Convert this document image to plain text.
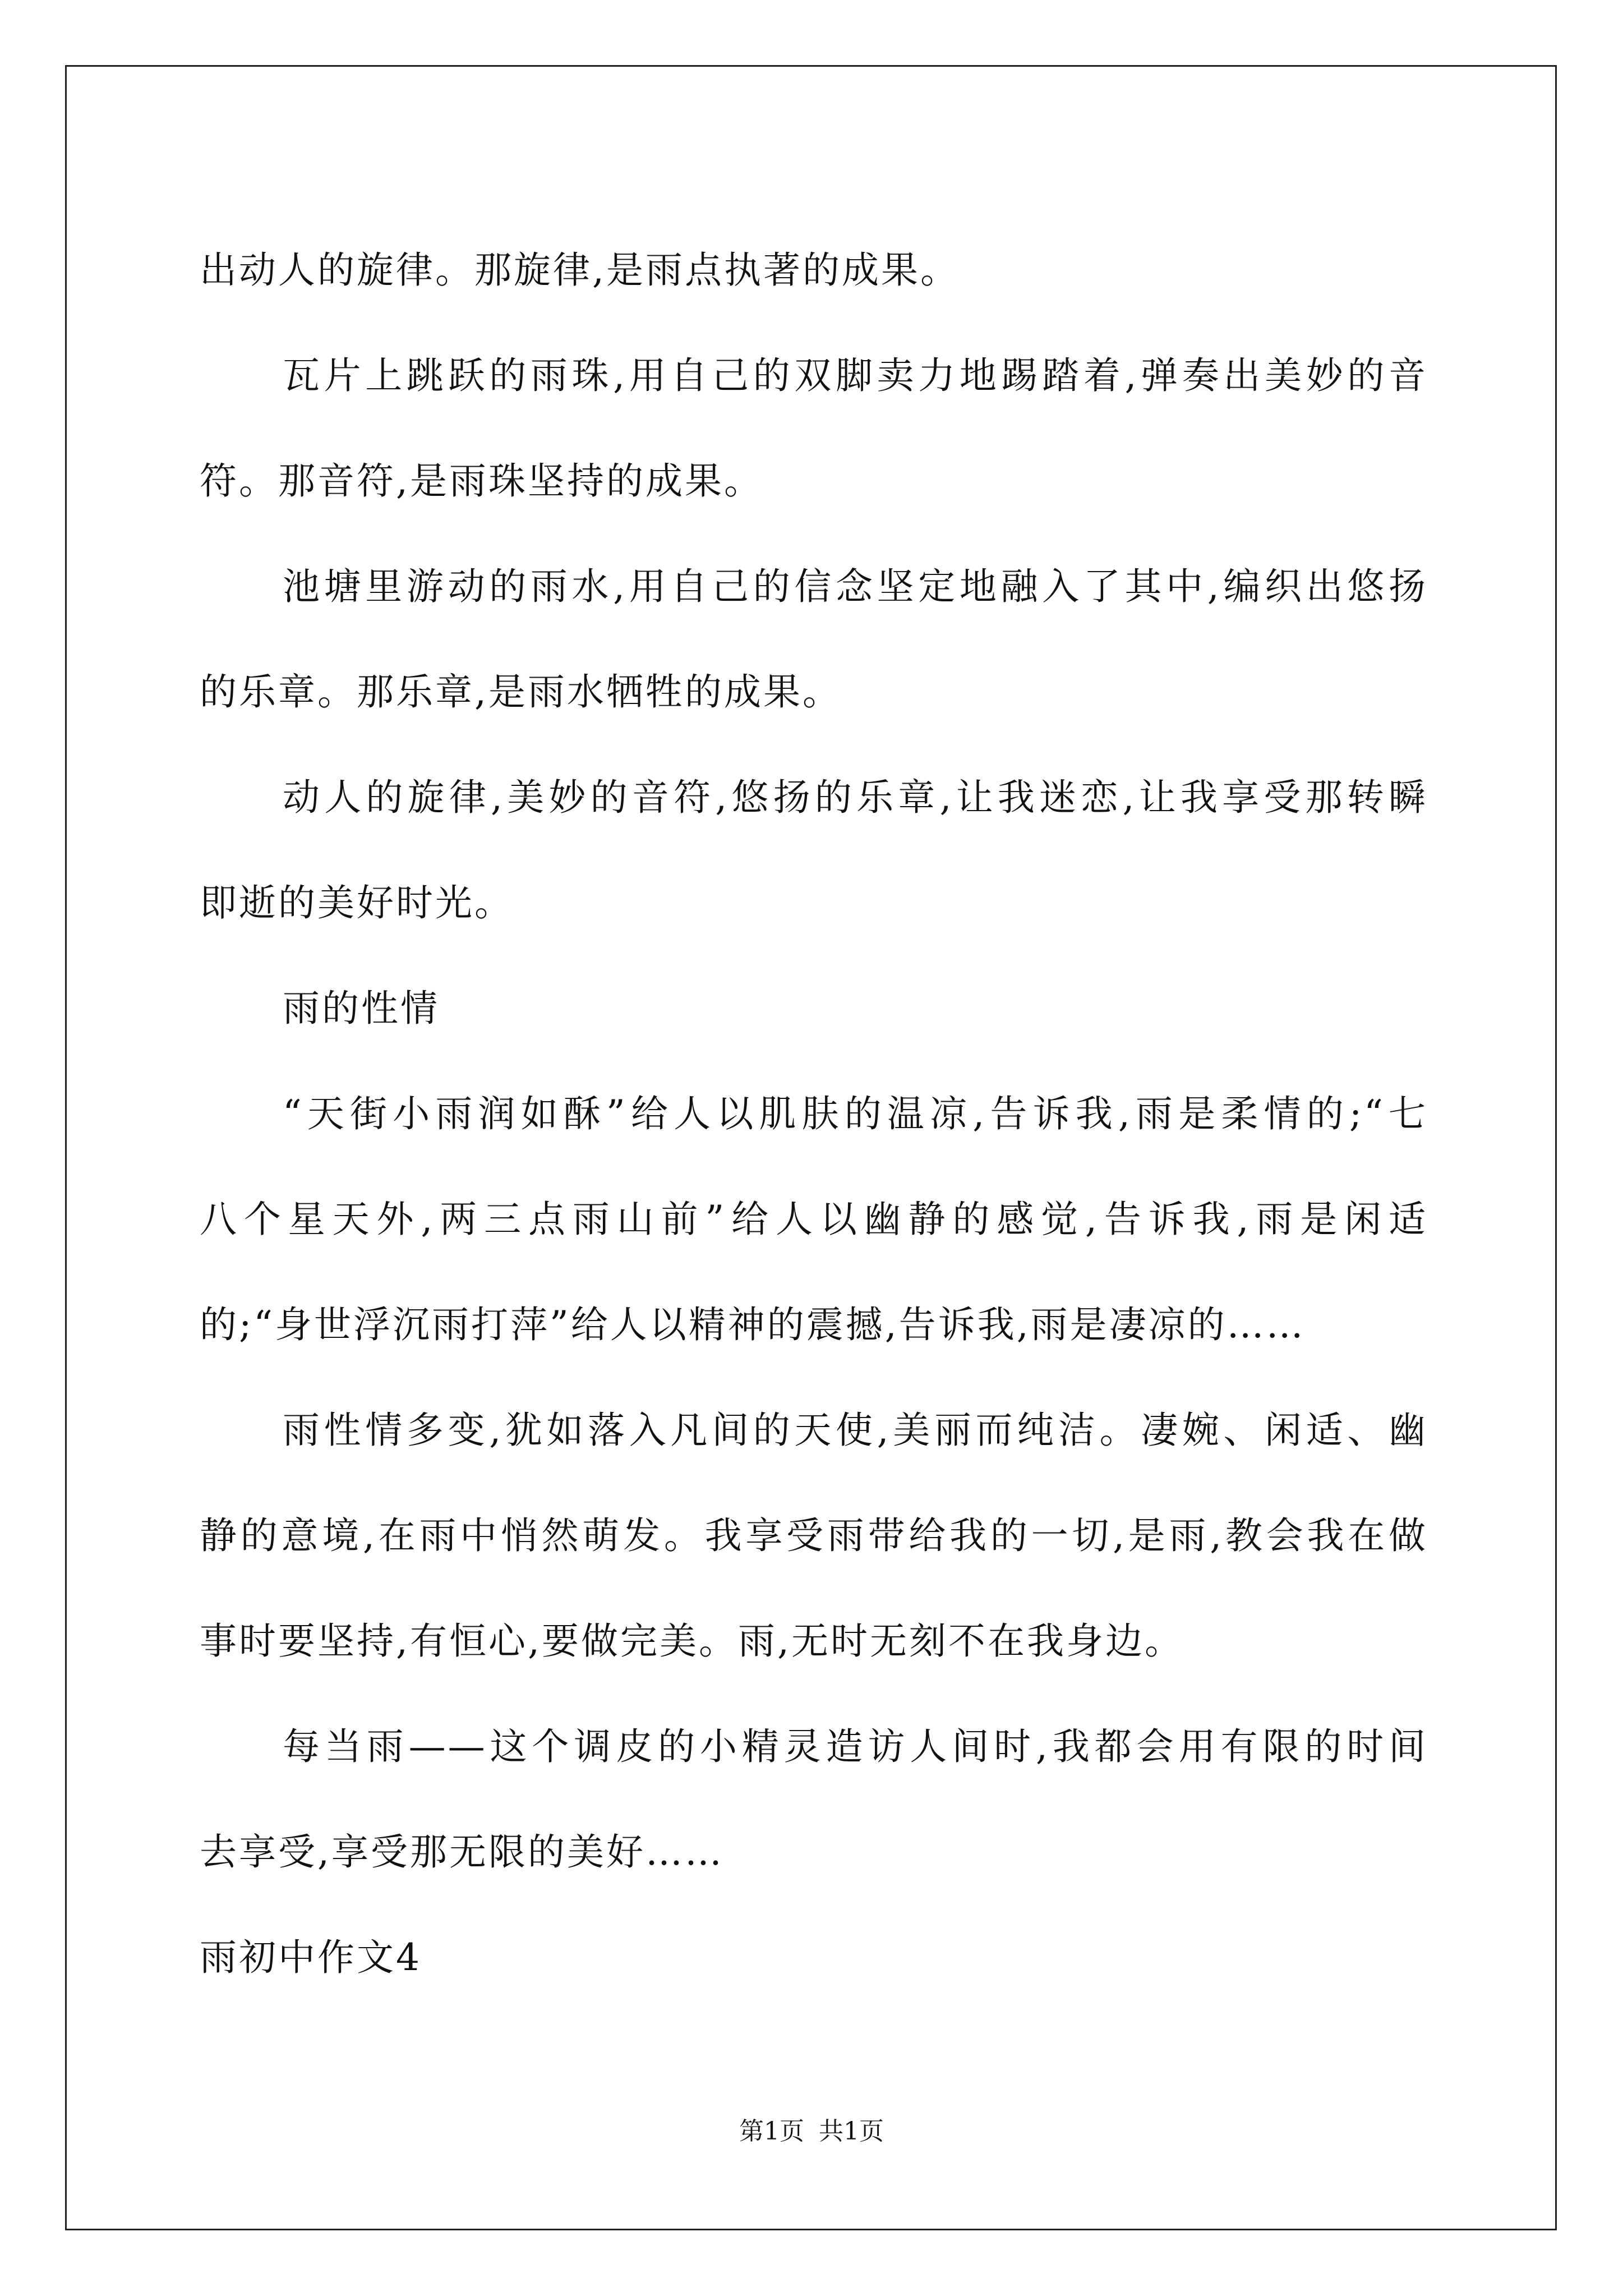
出动人的旋律。那旋律,是雨点执著的成果。
瓦片上跳跃的雨珠,用自己的双脚卖力地踢踏着,弹奏出美妙的音
符。那音符,是雨珠坚持的成果。
池塘里游动的雨水,用自己的信念坚定地融入了其中,编织出悠扬
的乐章。那乐章,是雨水牺牲的成果。
动人的旋律,美妙的音符,悠扬的乐章,让我迷恋,让我享受那转瞬
即逝的美好时光。
雨的性情
“天街小雨润如酥”给人以肌肤的温凉,告诉我,雨是柔情的;“七
八个星天外,两三点雨山前”给人以幽静的感觉,告诉我,雨是闲适
的;“身世浮沉雨打萍”给人以精神的震撼,告诉我,雨是凄凉的……
雨性情多变,犹如落入凡间的天使,美丽而纯洁。凄婉、闲适、幽
静的意境,在雨中悄然萌发。我享受雨带给我的一切,是雨,教会我在做
事时要坚持,有恒心,要做完美。雨,无时无刻不在我身边。
每当雨——这个调皮的小精灵造访人间时,我都会用有限的时间
去享受,享受那无限的美好……
雨初中作文4
第1页 共1页
